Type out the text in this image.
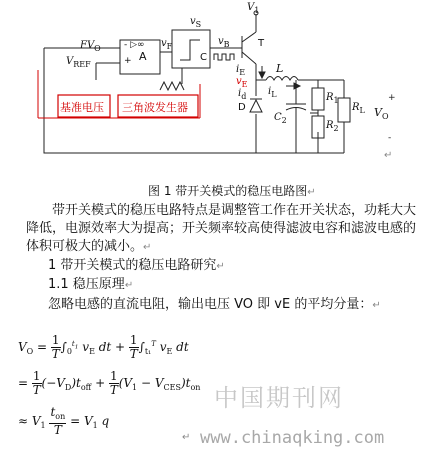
+
-
$FV_O$
$V_{REF}$
- ▷∞
+ A
$v_F$
C
$v_S$
$v_B$
$V_1$
T
$i_E$
$v_E$
$i_d$
D
L
$i_L$
$C_2$
$R_1$
$R_2$
$R_L$ $V_O$
基准电压 三角波发生器
↵
图 1 带开关模式的稳压电路图↵
带开关模式的稳压电路特点是调整管工作在开关状态，功耗大大降低，电源效率大为提高；开关频率较高使得滤波电容和滤波电感的体积可极大的减小。↵
1 带开关模式的稳压电路研究↵
1.1 稳压原理↵
忽略电感的直流电阻，输出电压 VO 即 vE 的平均分量：↵
$V_O = \frac{1}{T} \int_0^{t_1}$ $v_E$ dt + $\frac{1}{T} \int_{t_1}^T$ $v_E$ dt
= $\frac{1}{T} (-V_D)t_{off} + \frac{1}{T} (V_1 - V_{CES})t_{on}$
≈ $V_1 \frac{t_{on}}{T} = V_1$ q
↵
中国期刊网
www.chinaqking.com
